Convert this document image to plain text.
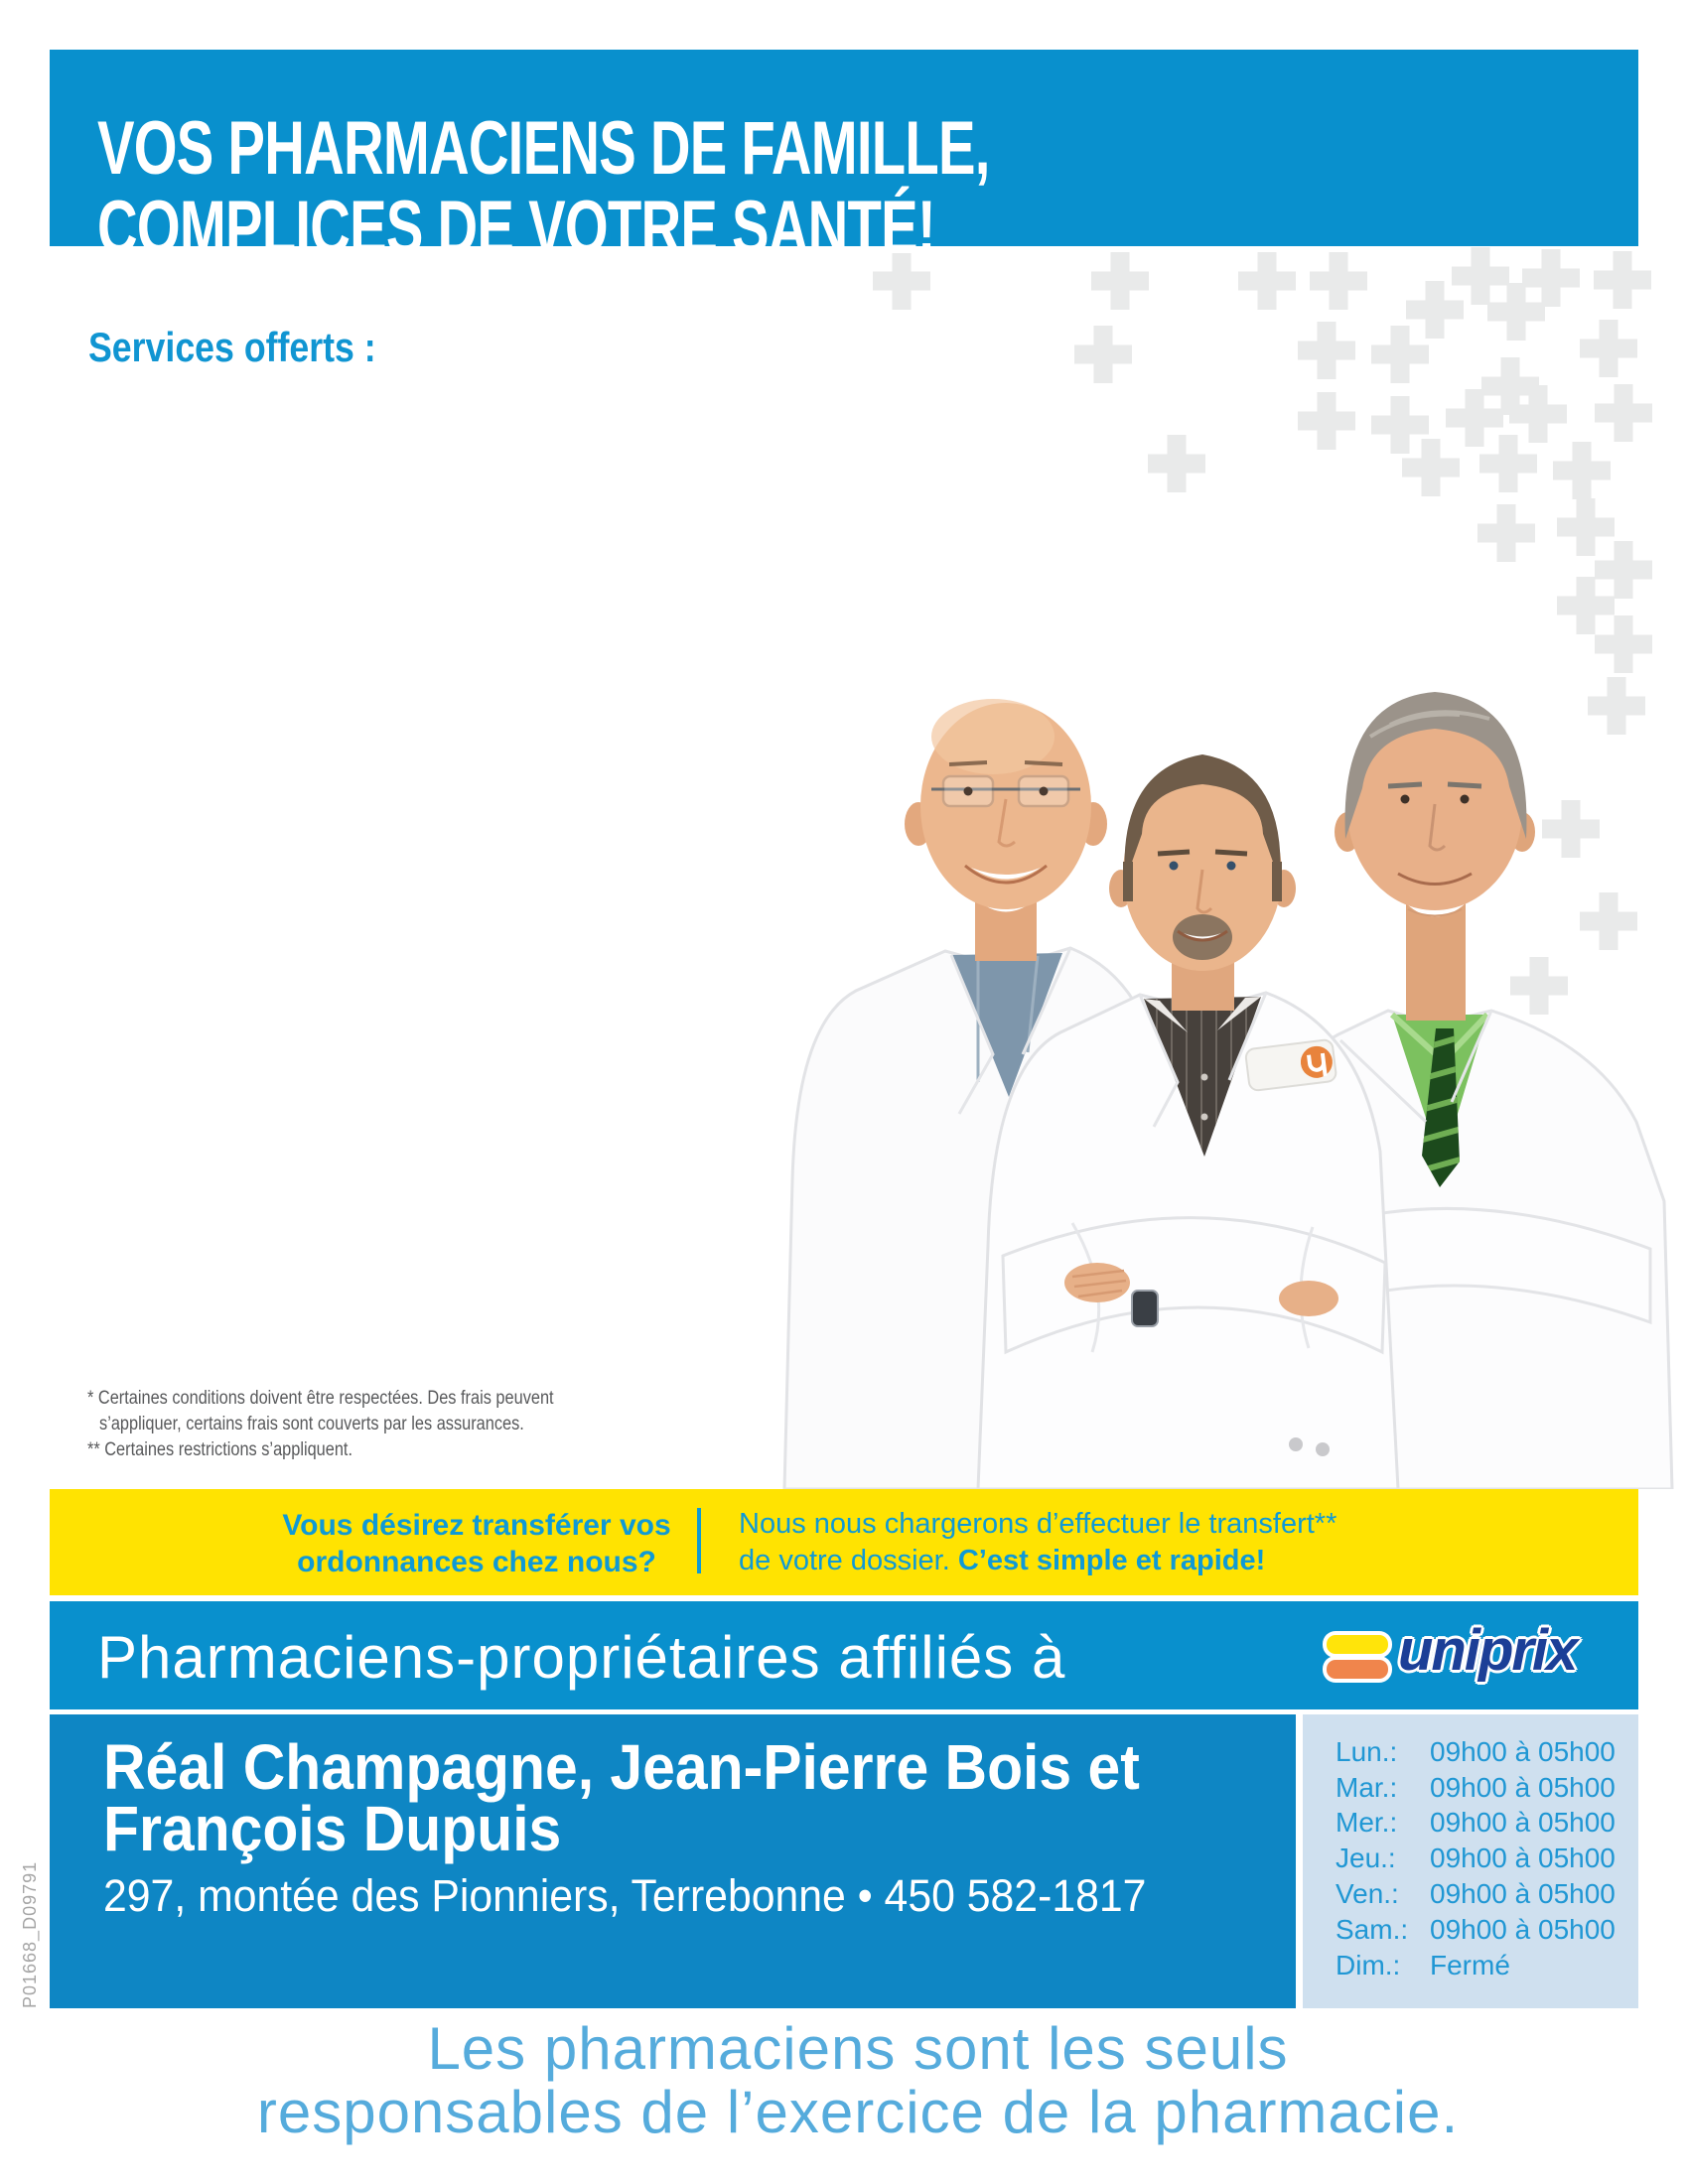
VOS PHARMACIENS DE FAMILLE,
COMPLICES DE VOTRE SANTÉ!
Services offerts :
* Certaines conditions doivent être respectées. Des frais peuvent
s’appliquer, certains frais sont couverts par les assurances.
** Certaines restrictions s’appliquent.
Vous désirez transférer vos
ordonnances chez nous?
Nous nous chargerons d’effectuer le transfert**
de votre dossier. C’est simple et rapide!
Pharmaciens-propriétaires affiliés à	uniprix
Réal Champagne, Jean-Pierre Bois et
François Dupuis
297, montée des Pionniers, Terrebonne • 450 582-1817
Lun.:	09h00 à 05h00
Mar.:	09h00 à 05h00
Mer.:	09h00 à 05h00
Jeu.:	09h00 à 05h00
Ven.:	09h00 à 05h00
Sam.: 09h00 à 05h00
Dim.:	Fermé
P01668_D09791
Les pharmaciens sont les seuls
responsables de l’exercice de la pharmacie.
